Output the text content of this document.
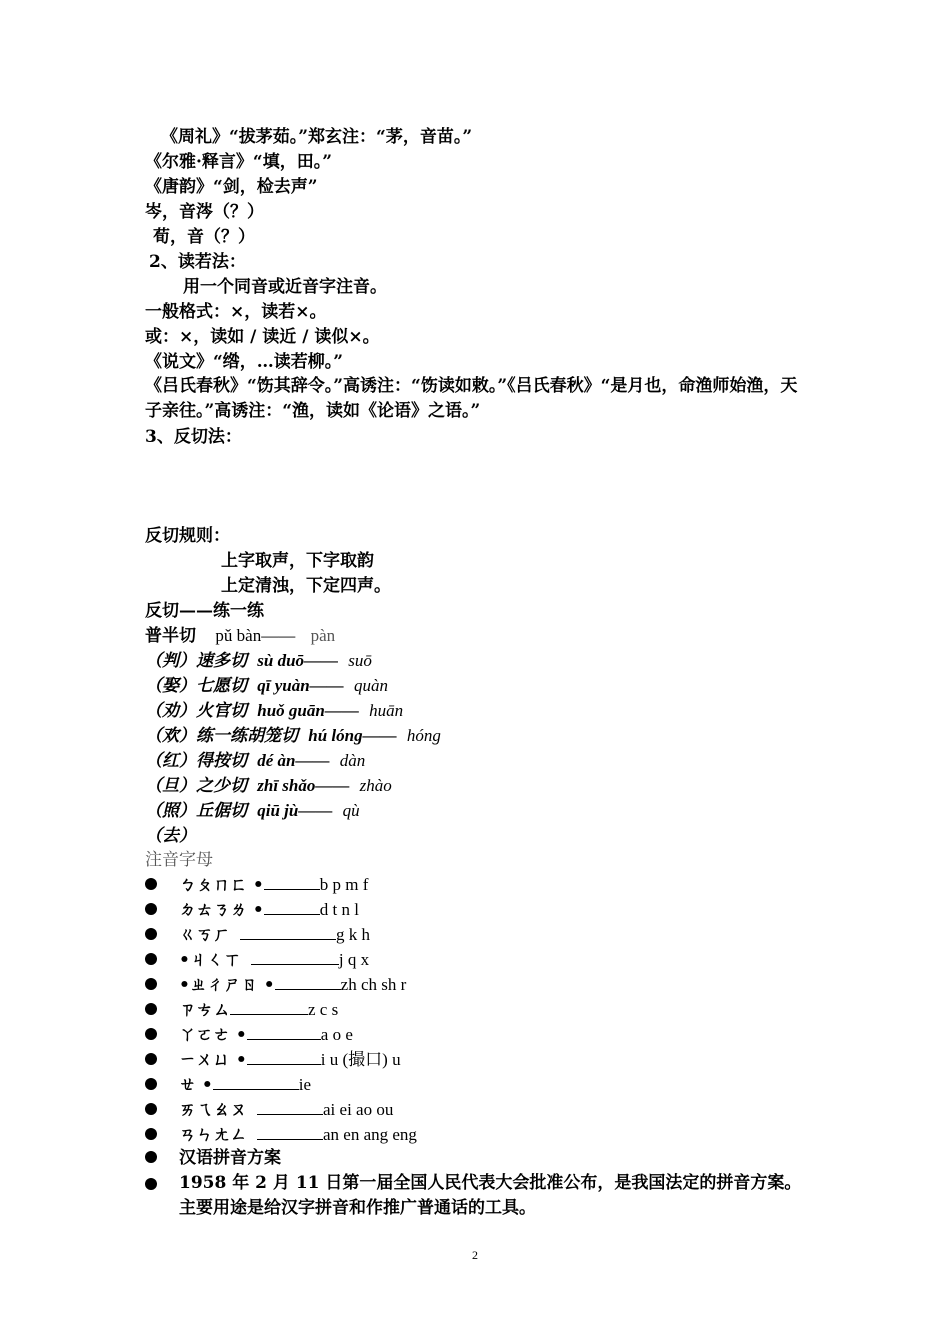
《周礼》“拔茅茹。”郑玄注：“茅，音苗。”
《尔雅·释言》“填，田。”
《唐韵》“剑，检去声”
岑，音涔（？）
荀，音（？）
2、读若法：
用一个同音或近音字注音。
一般格式：×，读若×。
或：×，读如 / 读近 / 读似×。
《说文》“绺，…读若柳。”
《吕氏春秋》“饬其辞令。”高诱注：“饬读如敕。”《吕氏春秋》“是月也，命渔师始渔，天子亲往。”高诱注：“渔，读如《论语》之语。”
3、反切法：
反切规则：
上字取声，下字取韵
上定清浊，下定四声。
反切——练一练
普半切 pǔ bàn—— pàn
（判）速多切 sù duō—— suō
（娶）七愿切 qī yuàn—— quàn
（劝）火官切 huǒ guān—— huān
（欢）练一练胡笼切 hú lóng—— hóng
（红）得按切 dé àn—— dàn
（旦）之少切 zhī shǎo—— zhào
（照）丘倨切 qiū jù—— qù
（去）
注音字母
ㄅㄆㄇㄈ •	b p m f
ㄉㄊㄋㄌ •	d t n l
ㄍㄎㄏ	g k h
•ㄐㄑㄒ	j q x
•ㄓㄔㄕㄖ •	zh ch sh r
ㄗㄘㄙ	z c s
ㄚㄛㄜ •	a o e
ㄧㄨㄩ •	i u (撮口) u
ㄝ •	ie
ㄞㄟㄠㄡ	ai ei ao ou
ㄢㄣㄤㄥ	an en ang eng
汉语拼音方案
1958 年 2 月 11 日第一届全国人民代表大会批准公布，是我国法定的拼音方案。主要用途是给汉字拼音和作推广普通话的工具。
2
